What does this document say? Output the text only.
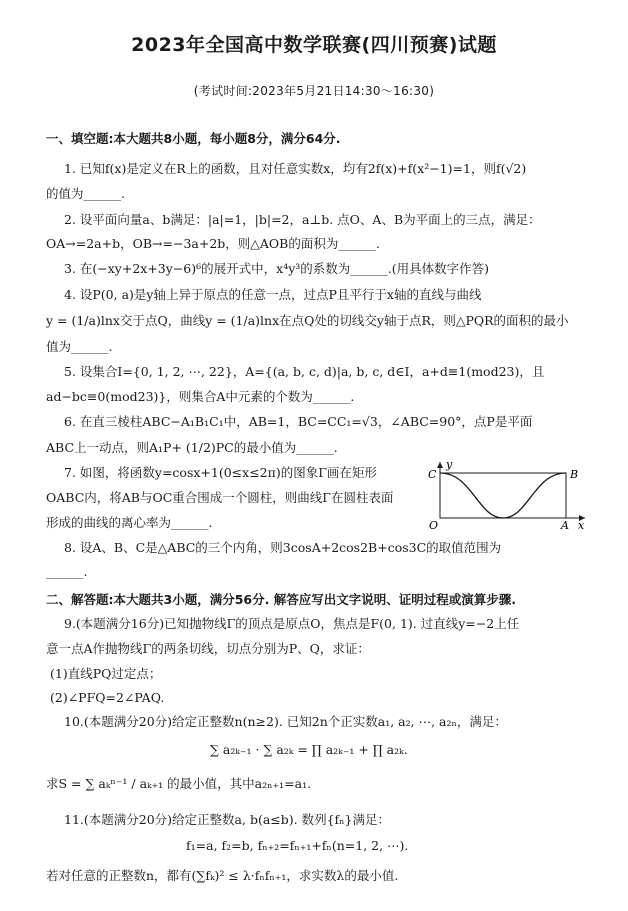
2023年全国高中数学联赛(四川预赛)试题
(考试时间:2023年5月21日14:30～16:30)
一、填空题:本大题共8小题，每小题8分，满分64分.
1. 已知f(x)是定义在R上的函数，且对任意实数x，均有2f(x)+f(x²−1)=1，则f(√2)
的值为______.
2. 设平面向量a、b满足：|a|=1，|b|=2，a⊥b. 点O、A、B为平面上的三点，满足：
OA→=2a+b，OB→=−3a+2b，则△AOB的面积为______.
3. 在(−xy+2x+3y−6)⁶的展开式中，x⁴y³的系数为______.(用具体数字作答)
4. 设P(0, a)是y轴上异于原点的任意一点，过点P且平行于x轴的直线与曲线
y = (1/a)lnx交于点Q，曲线y = (1/a)lnx在点Q处的切线交y轴于点R，则△PQR的面积的最小
值为______.
5. 设集合I={0, 1, 2, ⋯, 22}，A={(a, b, c, d)|a, b, c, d∈I，a+d≡1(mod23)，且
ad−bc≡0(mod23)}，则集合A中元素的个数为______.
6. 在直三棱柱ABC−A₁B₁C₁中，AB=1，BC=CC₁=√3，∠ABC=90°，点P是平面
ABC上一动点，则A₁P+ (1/2)PC的最小值为______.
7. 如图，将函数y=cosx+1(0≤x≤2π)的图象Γ画在矩形
OABC内，将AB与OC重合围成一个圆柱，则曲线Γ在圆柱表面
形成的曲线的离心率为______.
y
C	B
O	A x
8. 设A、B、C是△ABC的三个内角，则3cosA+2cos2B+cos3C的取值范围为
______.
二、解答题:本大题共3小题，满分56分. 解答应写出文字说明、证明过程或演算步骤.
9.(本题满分16分)已知抛物线Γ的顶点是原点O，焦点是F(0, 1). 过直线y=−2上任
意一点A作抛物线Γ的两条切线，切点分别为P、Q，求证：
(1)直线PQ过定点；
(2)∠PFQ=2∠PAQ.
10.(本题满分20分)给定正整数n(n≥2). 已知2n个正实数a₁, a₂, ⋯, a₂ₙ，满足：
∑ a₂ₖ₋₁ · ∑ a₂ₖ = ∏ a₂ₖ₋₁ + ∏ a₂ₖ.
求S = ∑ aₖⁿ⁻¹ / aₖ₊₁ 的最小值，其中a₂ₙ₊₁=a₁.
11.(本题满分20分)给定正整数a, b(a≤b). 数列{fₙ}满足：
f₁=a, f₂=b, fₙ₊₂=fₙ₊₁+fₙ(n=1, 2, ⋯).
若对任意的正整数n，都有(∑fₖ)² ≤ λ·fₙfₙ₊₁，求实数λ的最小值.
